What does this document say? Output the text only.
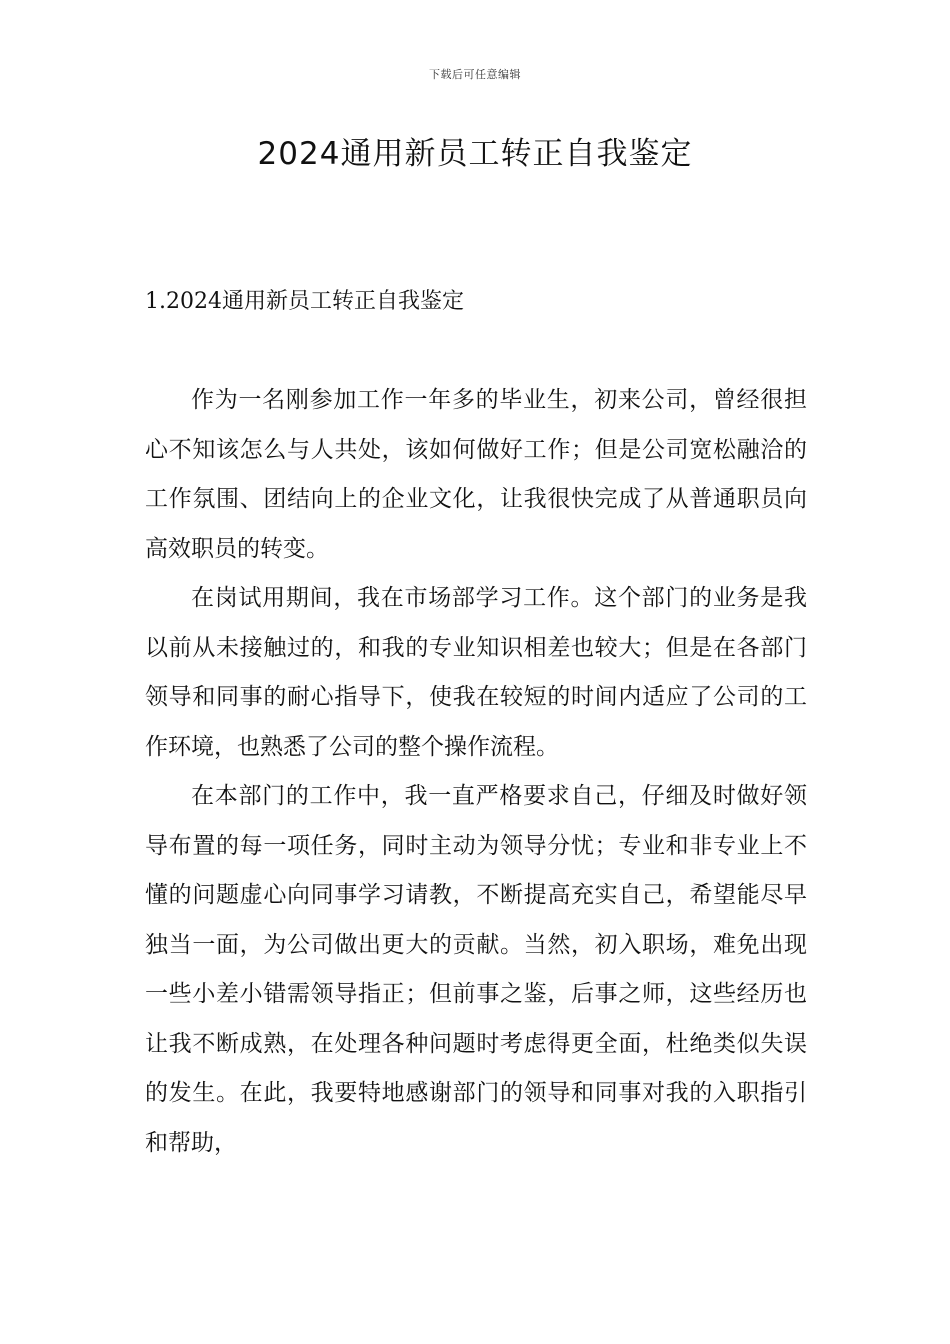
下载后可任意编辑
2024通用新员工转正自我鉴定
1.2024通用新员工转正自我鉴定

作为一名刚参加工作一年多的毕业生，初来公司，曾经很担心不知该怎么与人共处，该如何做好工作；但是公司宽松融洽的工作氛围、团结向上的企业文化，让我很快完成了从普通职员向高效职员的转变。

在岗试用期间，我在市场部学习工作。这个部门的业务是我以前从未接触过的，和我的专业知识相差也较大；但是在各部门领导和同事的耐心指导下，使我在较短的时间内适应了公司的工作环境，也熟悉了公司的整个操作流程。

在本部门的工作中，我一直严格要求自己，仔细及时做好领导布置的每一项任务，同时主动为领导分忧；专业和非专业上不懂的问题虚心向同事学习请教，不断提高充实自己，希望能尽早独当一面，为公司做出更大的贡献。当然，初入职场，难免出现一些小差小错需领导指正；但前事之鉴，后事之师，这些经历也让我不断成熟，在处理各种问题时考虑得更全面，杜绝类似失误的发生。在此，我要特地感谢部门的领导和同事对我的入职指引和帮助，
